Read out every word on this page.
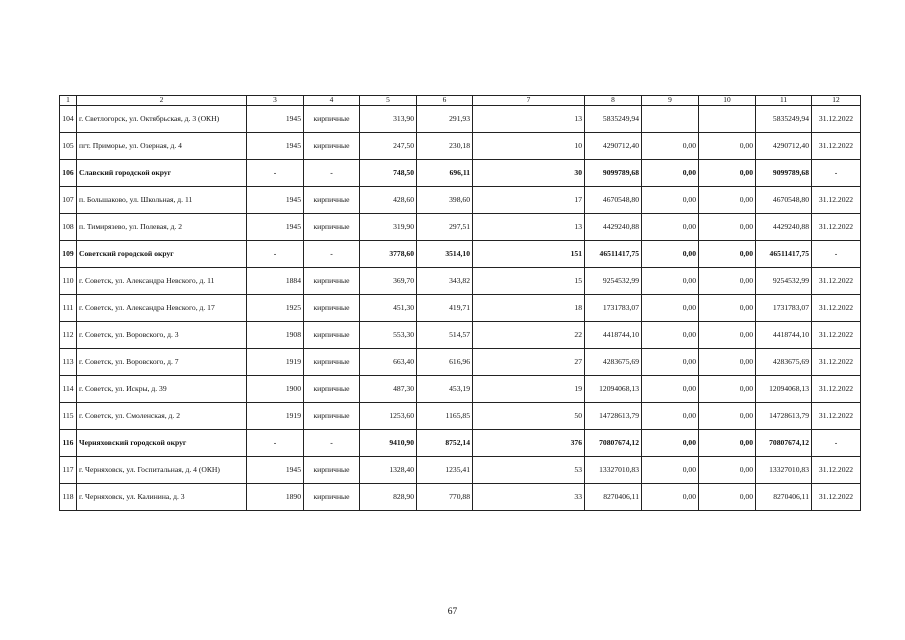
1	2	3	4	5	6	7	8	9	10	11	12
104	г. Светлогорск, ул. Октябрьская, д. 3 (ОКН)	1945	кирпичные	313,90	291,93	13	5835249,94			5835249,94	31.12.2022
105	пгт. Приморье, ул. Озерная, д. 4	1945	кирпичные	247,50	230,18	10	4290712,40	0,00	0,00	4290712,40	31.12.2022
106	Славский городской округ	-	-	748,50	696,11	30	9099789,68	0,00	0,00	9099789,68	-
107	п. Большаково, ул. Школьная, д. 11	1945	кирпичные	428,60	398,60	17	4670548,80	0,00	0,00	4670548,80	31.12.2022
108	п. Тимирязево, ул. Полевая, д. 2	1945	кирпичные	319,90	297,51	13	4429240,88	0,00	0,00	4429240,88	31.12.2022
109	Советский городской округ	-	-	3778,60	3514,10	151	46511417,75	0,00	0,00	46511417,75	-
110	г. Советск, ул. Александра Невского, д. 11	1884	кирпичные	369,70	343,82	15	9254532,99	0,00	0,00	9254532,99	31.12.2022
111	г. Советск, ул. Александра Невского, д. 17	1925	кирпичные	451,30	419,71	18	1731783,07	0,00	0,00	1731783,07	31.12.2022
112	г. Советск, ул. Воровского, д. 3	1908	кирпичные	553,30	514,57	22	4418744,10	0,00	0,00	4418744,10	31.12.2022
113	г. Советск, ул. Воровского, д. 7	1919	кирпичные	663,40	616,96	27	4283675,69	0,00	0,00	4283675,69	31.12.2022
114	г. Советск, ул. Искры, д. 39	1900	кирпичные	487,30	453,19	19	12094068,13	0,00	0,00	12094068,13	31.12.2022
115	г. Советск, ул. Смоленская, д. 2	1919	кирпичные	1253,60	1165,85	50	14728613,79	0,00	0,00	14728613,79	31.12.2022
116	Черняховский городской округ	-	-	9410,90	8752,14	376	70807674,12	0,00	0,00	70807674,12	-
117	г. Черняховск, ул. Госпитальная, д. 4 (ОКН)	1945	кирпичные	1328,40	1235,41	53	13327010,83	0,00	0,00	13327010,83	31.12.2022
118	г. Черняховск, ул. Калинина, д. 3	1890	кирпичные	828,90	770,88	33	8270406,11	0,00	0,00	8270406,11	31.12.2022
67
